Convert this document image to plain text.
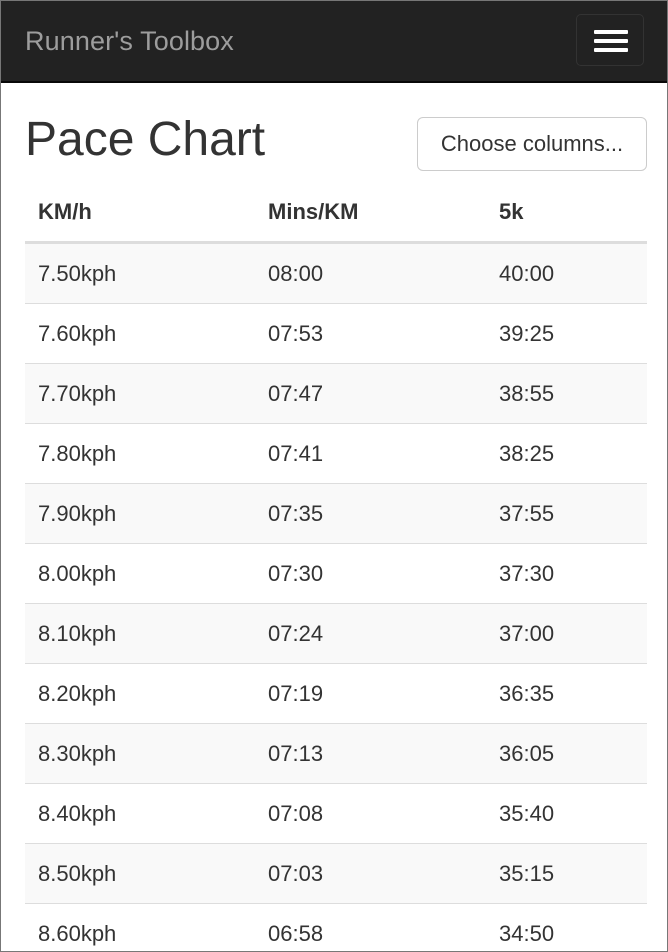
Runner's Toolbox
Pace Chart	Choose columns...
KM/h	Mins/KM	5k
7.50kph	08:00	40:00
7.60kph	07:53	39:25
7.70kph	07:47	38:55
7.80kph	07:41	38:25
7.90kph	07:35	37:55
8.00kph	07:30	37:30
8.10kph	07:24	37:00
8.20kph	07:19	36:35
8.30kph	07:13	36:05
8.40kph	07:08	35:40
8.50kph	07:03	35:15
8.60kph	06:58	34:50
